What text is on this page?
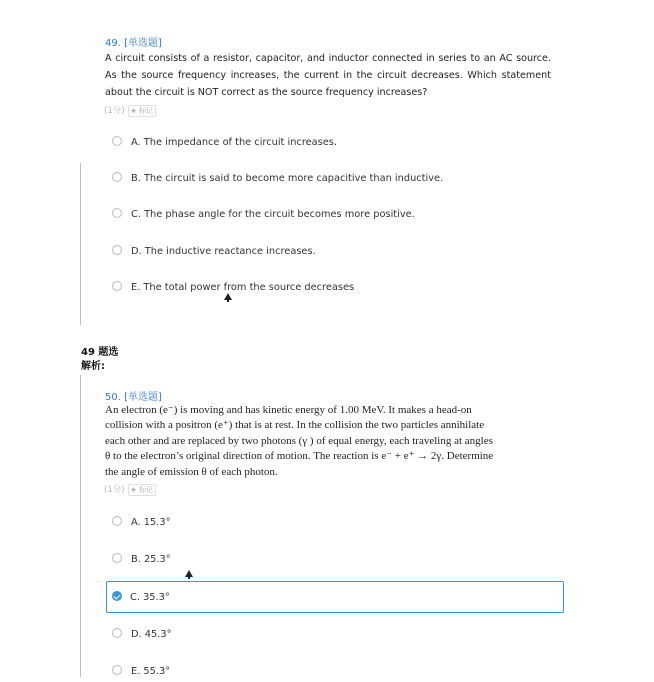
49. [单选题]
A circuit consists of a resistor, capacitor, and inductor connected in series to an AC source. As the source frequency increases, the current in the circuit decreases. Which statement about the circuit is NOT correct as the source frequency increases?
(1分) ★ 标记
A. The impedance of the circuit increases.
B. The circuit is said to become more capacitive than inductive.
C. The phase angle for the circuit becomes more positive.
D. The inductive reactance increases.
E. The total power from the source decreases
49 题选
解析:
50. [单选题]
An electron (e⁻) is moving and has kinetic energy of 1.00 MeV. It makes a head-on
collision with a positron (e⁺) that is at rest. In the collision the two particles annihilate
each other and are replaced by two photons (γ ) of equal energy, each traveling at angles
θ to the electron’s original direction of motion. The reaction is e⁻ + e⁺ → 2γ. Determine
the angle of emission θ of each photon.
(1分) ★ 标记
A. 15.3°
B. 25.3°
C. 35.3°
D. 45.3°
E. 55.3°
